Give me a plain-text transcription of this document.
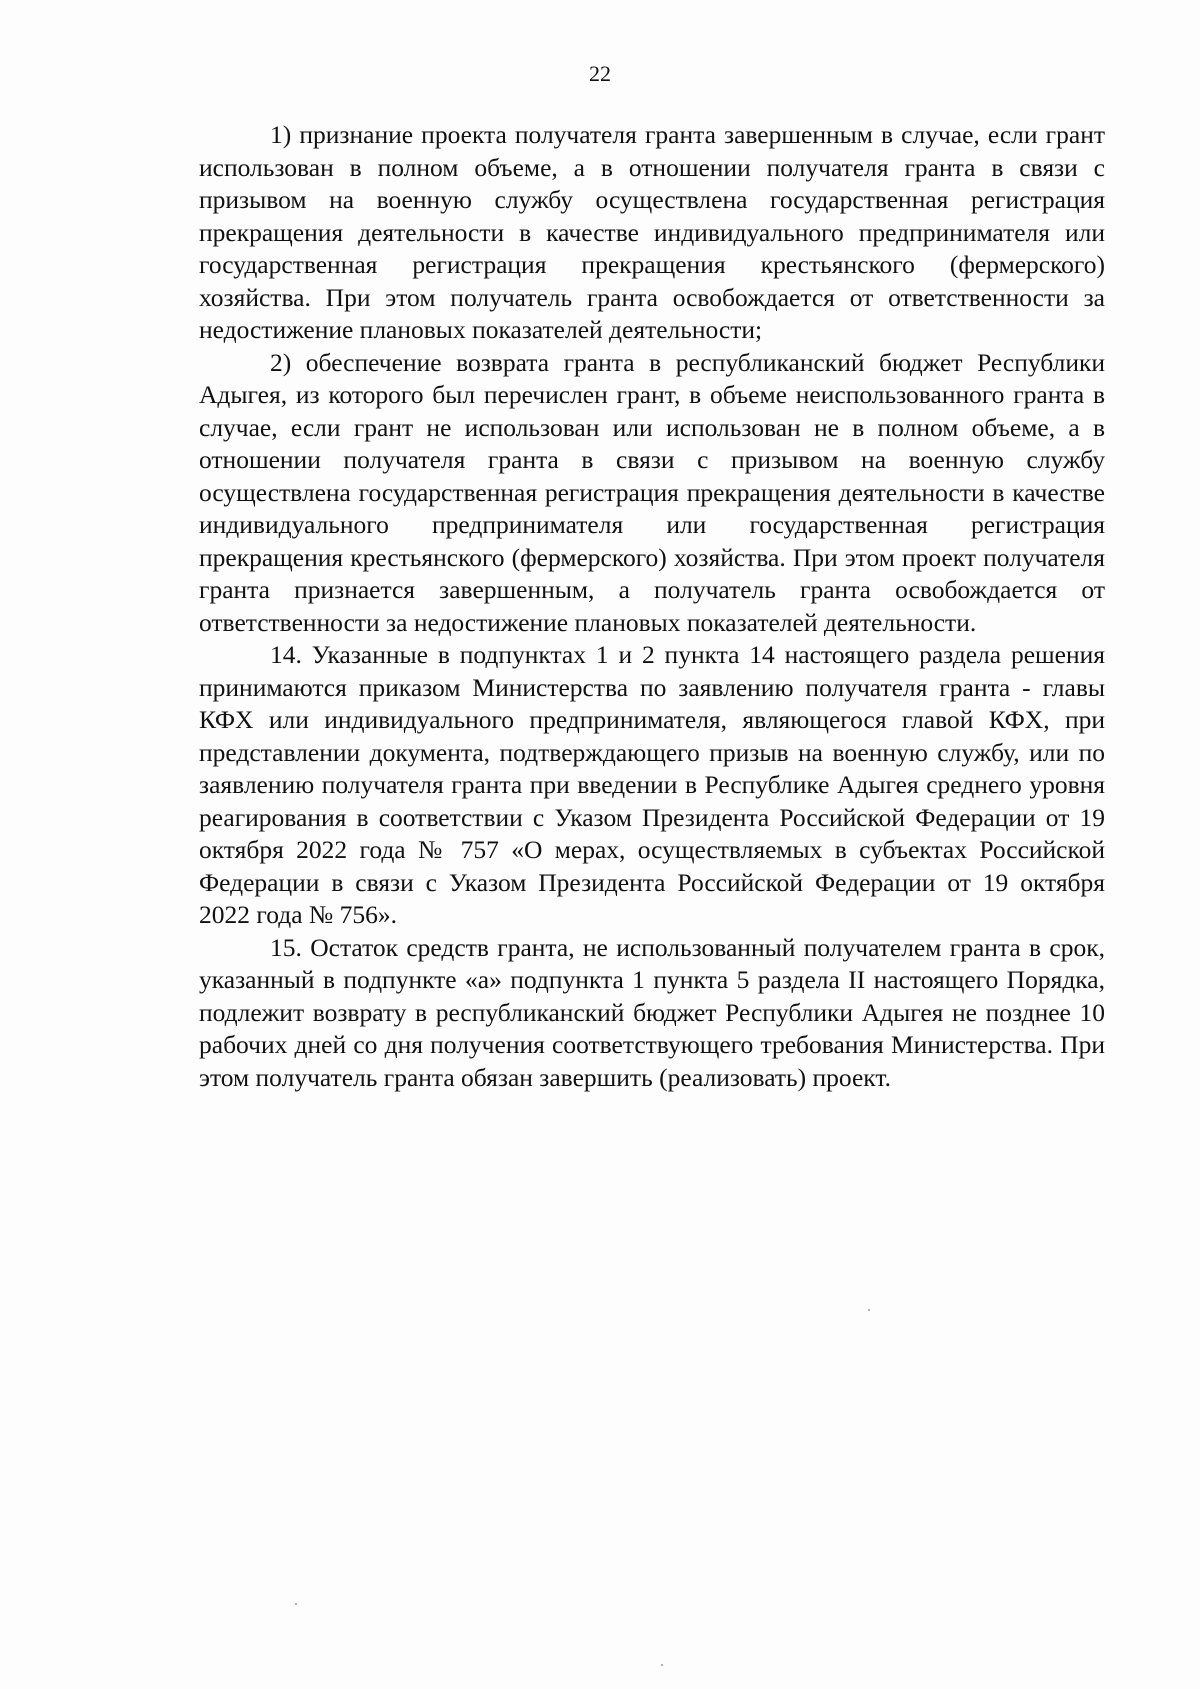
22

1) признание проекта получателя гранта завершенным в случае, если грант использован в полном объеме, а в отношении получателя гранта в связи с призывом на военную службу осуществлена государственная регистрация прекращения деятельности в качестве индивидуального предпринимателя или государственная регистрация прекращения крестьянского (фермерского) хозяйства. При этом получатель гранта освобождается от ответственности за недостижение плановых показателей деятельности;

2) обеспечение возврата гранта в республиканский бюджет Республики Адыгея, из которого был перечислен грант, в объеме неиспользованного гранта в случае, если грант не использован или использован не в полном объеме, а в отношении получателя гранта в связи с призывом на военную службу осуществлена государственная регистрация прекращения деятельности в качестве индивидуального предпринимателя или государственная регистрация прекращения крестьянского (фермерского) хозяйства. При этом проект получателя гранта признается завершенным, а получатель гранта освобождается от ответственности за недостижение плановых показателей деятельности.

14. Указанные в подпунктах 1 и 2 пункта 14 настоящего раздела решения принимаются приказом Министерства по заявлению получателя гранта - главы КФХ или индивидуального предпринимателя, являющегося главой КФХ, при представлении документа, подтверждающего призыв на военную службу, или по заявлению получателя гранта при введении в Республике Адыгея среднего уровня реагирования в соответствии с Указом Президента Российской Федерации от 19 октября 2022 года № 757 «О мерах, осуществляемых в субъектах Российской Федерации в связи с Указом Президента Российской Федерации от 19 октября 2022 года № 756».

15. Остаток средств гранта, не использованный получателем гранта в срок, указанный в подпункте «а» подпункта 1 пункта 5 раздела II настоящего Порядка, подлежит возврату в республиканский бюджет Республики Адыгея не позднее 10 рабочих дней со дня получения соответствующего требования Министерства. При этом получатель гранта обязан завершить (реализовать) проект.
